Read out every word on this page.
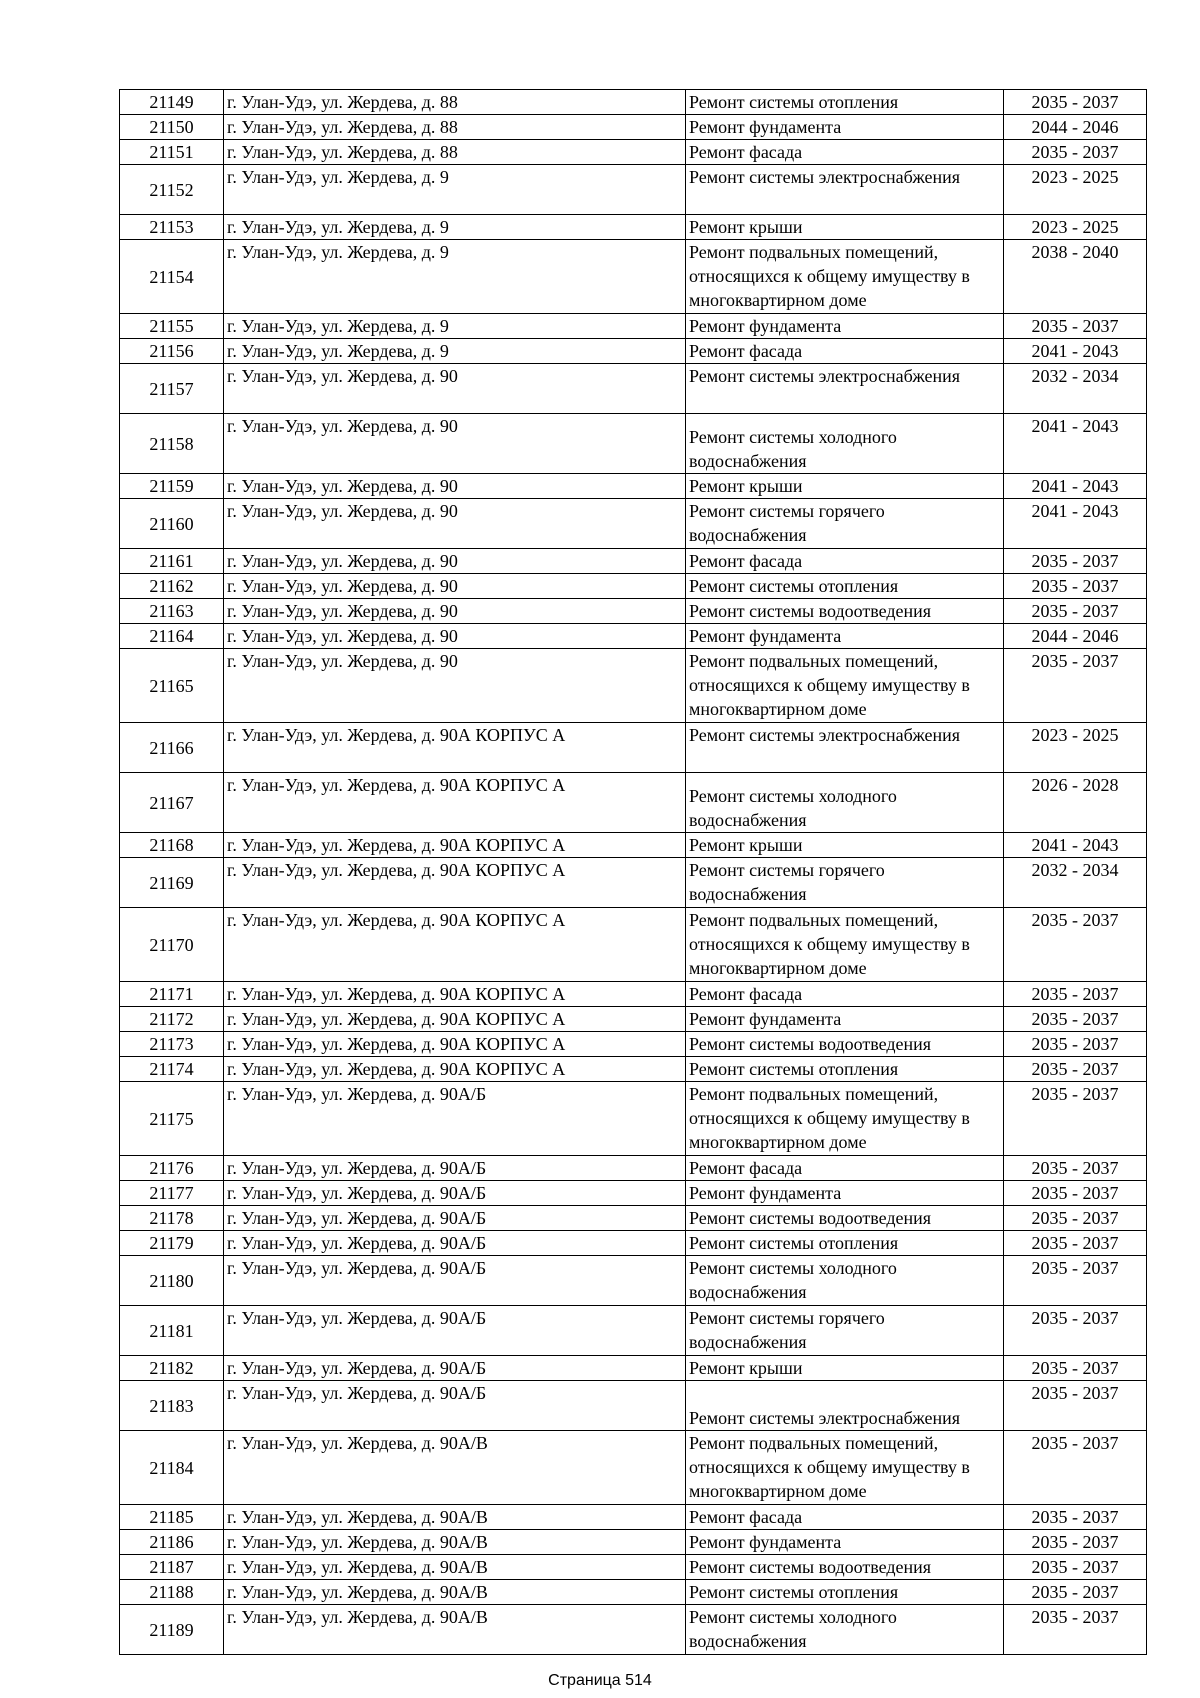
21149	г. Улан-Удэ, ул. Жердева, д. 88	Ремонт системы отопления	2035 - 2037
21150	г. Улан-Удэ, ул. Жердева, д. 88	Ремонт фундамента	2044 - 2046
21151	г. Улан-Удэ, ул. Жердева, д. 88	Ремонт фасада	2035 - 2037
21152	г. Улан-Удэ, ул. Жердева, д. 9	Ремонт системы электроснабжения	2023 - 2025
21153	г. Улан-Удэ, ул. Жердева, д. 9	Ремонт крыши	2023 - 2025
21154	г. Улан-Удэ, ул. Жердева, д. 9	Ремонт подвальных помещений, относящихся к общему имуществу в многоквартирном доме	2038 - 2040
21155	г. Улан-Удэ, ул. Жердева, д. 9	Ремонт фундамента	2035 - 2037
21156	г. Улан-Удэ, ул. Жердева, д. 9	Ремонт фасада	2041 - 2043
21157	г. Улан-Удэ, ул. Жердева, д. 90	Ремонт системы электроснабжения	2032 - 2034
21158	г. Улан-Удэ, ул. Жердева, д. 90	Ремонт системы холодного водоснабжения	2041 - 2043
21159	г. Улан-Удэ, ул. Жердева, д. 90	Ремонт крыши	2041 - 2043
21160	г. Улан-Удэ, ул. Жердева, д. 90	Ремонт системы горячего водоснабжения	2041 - 2043
21161	г. Улан-Удэ, ул. Жердева, д. 90	Ремонт фасада	2035 - 2037
21162	г. Улан-Удэ, ул. Жердева, д. 90	Ремонт системы отопления	2035 - 2037
21163	г. Улан-Удэ, ул. Жердева, д. 90	Ремонт системы водоотведения	2035 - 2037
21164	г. Улан-Удэ, ул. Жердева, д. 90	Ремонт фундамента	2044 - 2046
21165	г. Улан-Удэ, ул. Жердева, д. 90	Ремонт подвальных помещений, относящихся к общему имуществу в многоквартирном доме	2035 - 2037
21166	г. Улан-Удэ, ул. Жердева, д. 90А КОРПУС А	Ремонт системы электроснабжения	2023 - 2025
21167	г. Улан-Удэ, ул. Жердева, д. 90А КОРПУС А	Ремонт системы холодного водоснабжения	2026 - 2028
21168	г. Улан-Удэ, ул. Жердева, д. 90А КОРПУС А	Ремонт крыши	2041 - 2043
21169	г. Улан-Удэ, ул. Жердева, д. 90А КОРПУС А	Ремонт системы горячего водоснабжения	2032 - 2034
21170	г. Улан-Удэ, ул. Жердева, д. 90А КОРПУС А	Ремонт подвальных помещений, относящихся к общему имуществу в многоквартирном доме	2035 - 2037
21171	г. Улан-Удэ, ул. Жердева, д. 90А КОРПУС А	Ремонт фасада	2035 - 2037
21172	г. Улан-Удэ, ул. Жердева, д. 90А КОРПУС А	Ремонт фундамента	2035 - 2037
21173	г. Улан-Удэ, ул. Жердева, д. 90А КОРПУС А	Ремонт системы водоотведения	2035 - 2037
21174	г. Улан-Удэ, ул. Жердева, д. 90А КОРПУС А	Ремонт системы отопления	2035 - 2037
21175	г. Улан-Удэ, ул. Жердева, д. 90А/Б	Ремонт подвальных помещений, относящихся к общему имуществу в многоквартирном доме	2035 - 2037
21176	г. Улан-Удэ, ул. Жердева, д. 90А/Б	Ремонт фасада	2035 - 2037
21177	г. Улан-Удэ, ул. Жердева, д. 90А/Б	Ремонт фундамента	2035 - 2037
21178	г. Улан-Удэ, ул. Жердева, д. 90А/Б	Ремонт системы водоотведения	2035 - 2037
21179	г. Улан-Удэ, ул. Жердева, д. 90А/Б	Ремонт системы отопления	2035 - 2037
21180	г. Улан-Удэ, ул. Жердева, д. 90А/Б	Ремонт системы холодного водоснабжения	2035 - 2037
21181	г. Улан-Удэ, ул. Жердева, д. 90А/Б	Ремонт системы горячего водоснабжения	2035 - 2037
21182	г. Улан-Удэ, ул. Жердева, д. 90А/Б	Ремонт крыши	2035 - 2037
21183	г. Улан-Удэ, ул. Жердева, д. 90А/Б	Ремонт системы электроснабжения	2035 - 2037
21184	г. Улан-Удэ, ул. Жердева, д. 90А/В	Ремонт подвальных помещений, относящихся к общему имуществу в многоквартирном доме	2035 - 2037
21185	г. Улан-Удэ, ул. Жердева, д. 90А/В	Ремонт фасада	2035 - 2037
21186	г. Улан-Удэ, ул. Жердева, д. 90А/В	Ремонт фундамента	2035 - 2037
21187	г. Улан-Удэ, ул. Жердева, д. 90А/В	Ремонт системы водоотведения	2035 - 2037
21188	г. Улан-Удэ, ул. Жердева, д. 90А/В	Ремонт системы отопления	2035 - 2037
21189	г. Улан-Удэ, ул. Жердева, д. 90А/В	Ремонт системы холодного водоснабжения	2035 - 2037
Страница 514
